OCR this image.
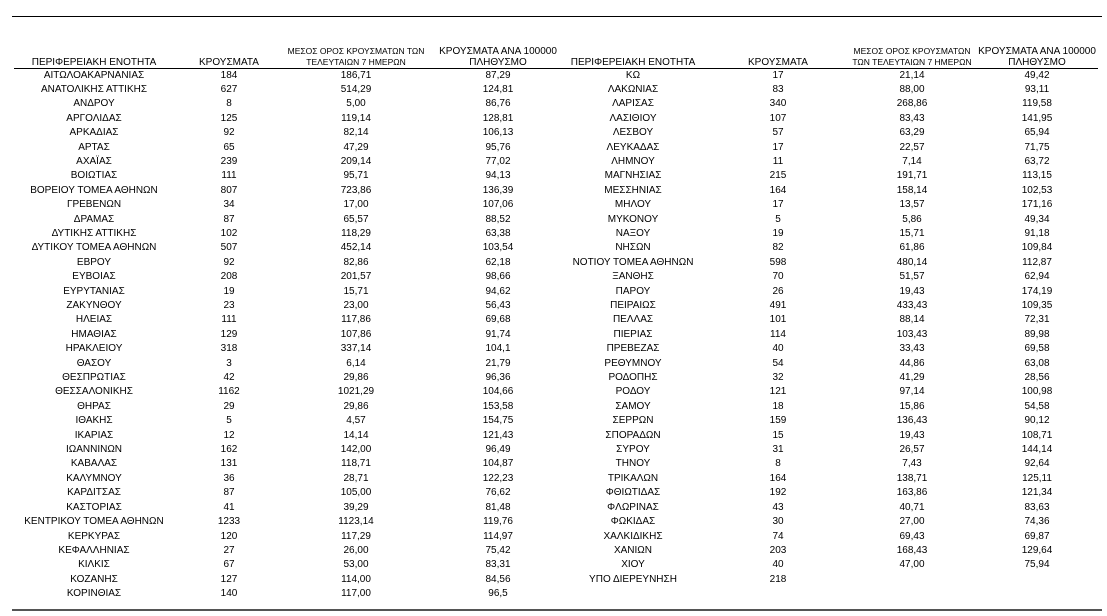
ΠΕΡΙΦΕΡΕΙΑΚΗ ΕΝΟΤΗΤΑ	ΚΡΟΥΣΜΑΤΑ	ΜΕΣΟΣ ΟΡΟΣ ΚΡΟΥΣΜΑΤΩΝ ΤΩΝ ΤΕΛΕΥΤΑΙΩΝ 7 ΗΜΕΡΩΝ	ΚΡΟΥΣΜΑΤΑ ΑΝΑ 100000 ΠΛΗΘΥΣΜΟ
ΑΙΤΩΛΟΑΚΑΡΝΑΝΙΑΣ	184	186,71	87,29
ΑΝΑΤΟΛΙΚΗΣ ΑΤΤΙΚΗΣ	627	514,29	124,81
ΑΝΔΡΟΥ	8	5,00	86,76
ΑΡΓΟΛΙΔΑΣ	125	119,14	128,81
ΑΡΚΑΔΙΑΣ	92	82,14	106,13
ΑΡΤΑΣ	65	47,29	95,76
ΑΧΑΪΑΣ	239	209,14	77,02
ΒΟΙΩΤΙΑΣ	111	95,71	94,13
ΒΟΡΕΙΟΥ ΤΟΜΕΑ ΑΘΗΝΩΝ	807	723,86	136,39
ΓΡΕΒΕΝΩΝ	34	17,00	107,06
ΔΡΑΜΑΣ	87	65,57	88,52
ΔΥΤΙΚΗΣ ΑΤΤΙΚΗΣ	102	118,29	63,38
ΔΥΤΙΚΟΥ ΤΟΜΕΑ ΑΘΗΝΩΝ	507	452,14	103,54
ΕΒΡΟΥ	92	82,86	62,18
ΕΥΒΟΙΑΣ	208	201,57	98,66
ΕΥΡΥΤΑΝΙΑΣ	19	15,71	94,62
ΖΑΚΥΝΘΟΥ	23	23,00	56,43
ΗΛΕΙΑΣ	111	117,86	69,68
ΗΜΑΘΙΑΣ	129	107,86	91,74
ΗΡΑΚΛΕΙΟΥ	318	337,14	104,1
ΘΑΣΟΥ	3	6,14	21,79
ΘΕΣΠΡΩΤΙΑΣ	42	29,86	96,36
ΘΕΣΣΑΛΟΝΙΚΗΣ	1162	1021,29	104,66
ΘΗΡΑΣ	29	29,86	153,58
ΙΘΑΚΗΣ	5	4,57	154,75
ΙΚΑΡΙΑΣ	12	14,14	121,43
ΙΩΑΝΝΙΝΩΝ	162	142,00	96,49
ΚΑΒΑΛΑΣ	131	118,71	104,87
ΚΑΛΥΜΝΟΥ	36	28,71	122,23
ΚΑΡΔΙΤΣΑΣ	87	105,00	76,62
ΚΑΣΤΟΡΙΑΣ	41	39,29	81,48
ΚΕΝΤΡΙΚΟΥ ΤΟΜΕΑ ΑΘΗΝΩΝ	1233	1123,14	119,76
ΚΕΡΚΥΡΑΣ	120	117,29	114,97
ΚΕΦΑΛΛΗΝΙΑΣ	27	26,00	75,42
ΚΙΛΚΙΣ	67	53,00	83,31
ΚΟΖΑΝΗΣ	127	114,00	84,56
ΚΟΡΙΝΘΙΑΣ	140	117,00	96,5
ΠΕΡΙΦΕΡΕΙΑΚΗ ΕΝΟΤΗΤΑ	ΚΡΟΥΣΜΑΤΑ	ΜΕΣΟΣ ΟΡΟΣ ΚΡΟΥΣΜΑΤΩΝ ΤΩΝ ΤΕΛΕΥΤΑΙΩΝ 7 ΗΜΕΡΩΝ	ΚΡΟΥΣΜΑΤΑ ΑΝΑ 100000 ΠΛΗΘΥΣΜΟ
ΚΩ	17	21,14	49,42
ΛΑΚΩΝΙΑΣ	83	88,00	93,11
ΛΑΡΙΣΑΣ	340	268,86	119,58
ΛΑΣΙΘΙΟΥ	107	83,43	141,95
ΛΕΣΒΟΥ	57	63,29	65,94
ΛΕΥΚΑΔΑΣ	17	22,57	71,75
ΛΗΜΝΟΥ	11	7,14	63,72
ΜΑΓΝΗΣΙΑΣ	215	191,71	113,15
ΜΕΣΣΗΝΙΑΣ	164	158,14	102,53
ΜΗΛΟΥ	17	13,57	171,16
ΜΥΚΟΝΟΥ	5	5,86	49,34
ΝΑΞΟΥ	19	15,71	91,18
ΝΗΣΩΝ	82	61,86	109,84
ΝΟΤΙΟΥ ΤΟΜΕΑ ΑΘΗΝΩΝ	598	480,14	112,87
ΞΑΝΘΗΣ	70	51,57	62,94
ΠΑΡΟΥ	26	19,43	174,19
ΠΕΙΡΑΙΩΣ	491	433,43	109,35
ΠΕΛΛΑΣ	101	88,14	72,31
ΠΙΕΡΙΑΣ	114	103,43	89,98
ΠΡΕΒΕΖΑΣ	40	33,43	69,58
ΡΕΘΥΜΝΟΥ	54	44,86	63,08
ΡΟΔΟΠΗΣ	32	41,29	28,56
ΡΟΔΟΥ	121	97,14	100,98
ΣΑΜΟΥ	18	15,86	54,58
ΣΕΡΡΩΝ	159	136,43	90,12
ΣΠΟΡΑΔΩΝ	15	19,43	108,71
ΣΥΡΟΥ	31	26,57	144,14
ΤΗΝΟΥ	8	7,43	92,64
ΤΡΙΚΑΛΩΝ	164	138,71	125,11
ΦΘΙΩΤΙΔΑΣ	192	163,86	121,34
ΦΛΩΡΙΝΑΣ	43	40,71	83,63
ΦΩΚΙΔΑΣ	30	27,00	74,36
ΧΑΛΚΙΔΙΚΗΣ	74	69,43	69,87
ΧΑΝΙΩΝ	203	168,43	129,64
ΧΙΟΥ	40	47,00	75,94
ΥΠΟ ΔΙΕΡΕΥΝΗΣΗ	218		
